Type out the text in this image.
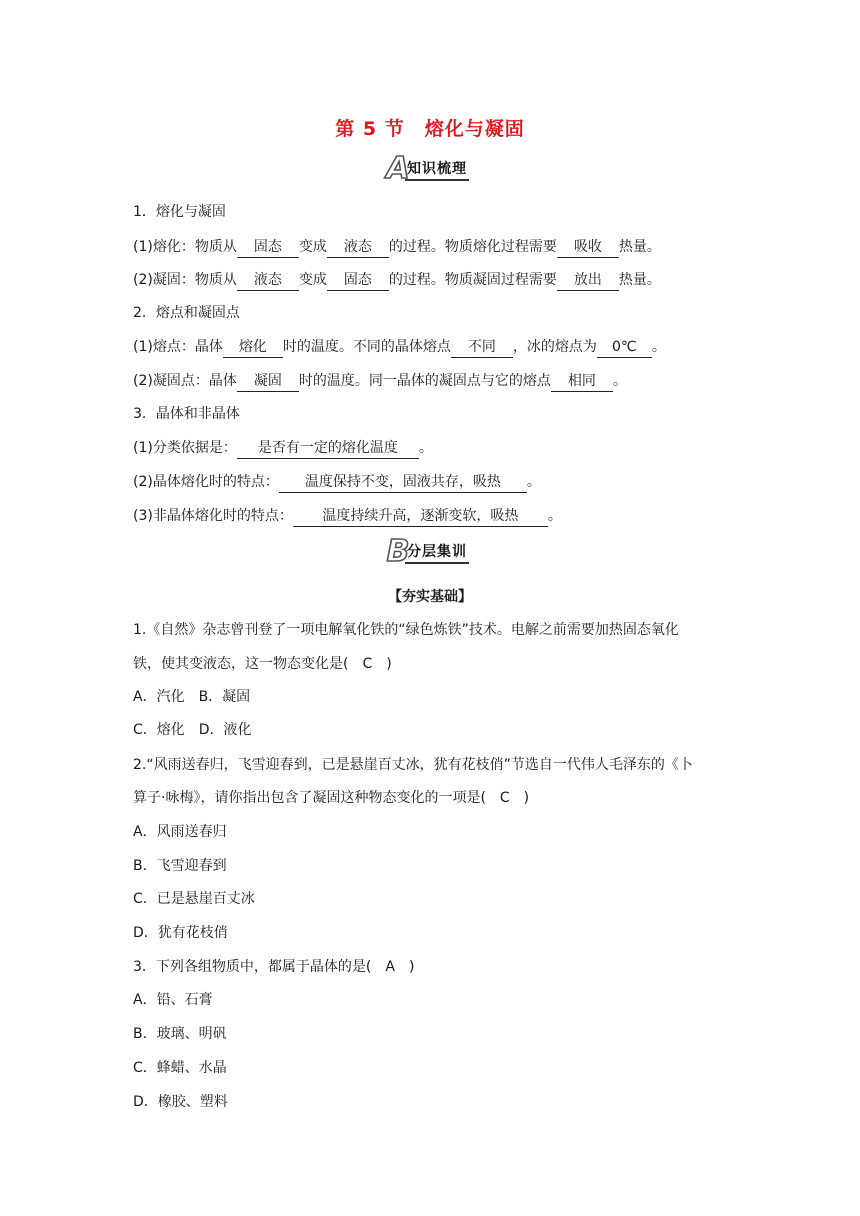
第 5 节 熔化与凝固
A
知识梳理
1．熔化与凝固
(1)熔化：物质从 固态 变成 液态 的过程。物质熔化过程需要 吸收 热量。
(2)凝固：物质从 液态 变成 固态 的过程。物质凝固过程需要 放出 热量。
2．熔点和凝固点
(1)熔点：晶体 熔化 时的温度。不同的晶体熔点 不同 ，冰的熔点为 0℃ 。
(2)凝固点：晶体 凝固 时的温度。同一晶体的凝固点与它的熔点 相同 。
3．晶体和非晶体
(1)分类依据是： 是否有一定的熔化温度 。
(2)晶体熔化时的特点： 温度保持不变，固液共存，吸热 。
(3)非晶体熔化时的特点： 温度持续升高，逐渐变软，吸热 。
B
分层集训
【夯实基础】
1.《自然》杂志曾刊登了一项电解氧化铁的“绿色炼铁”技术。电解之前需要加热固态氧化
铁，使其变液态，这一物态变化是(　C　)
A．汽化　B．凝固
C．熔化　D．液化
2.“风雨送春归，飞雪迎春到，已是悬崖百丈冰，犹有花枝俏”节选自一代伟人毛泽东的《卜
算子·咏梅》，请你指出包含了凝固这种物态变化的一项是(　C　)
A．风雨送春归
B．飞雪迎春到
C．已是悬崖百丈冰
D．犹有花枝俏
3．下列各组物质中，都属于晶体的是(　A　)
A．铅、石膏
B．玻璃、明矾
C．蜂蜡、水晶
D．橡胶、塑料
